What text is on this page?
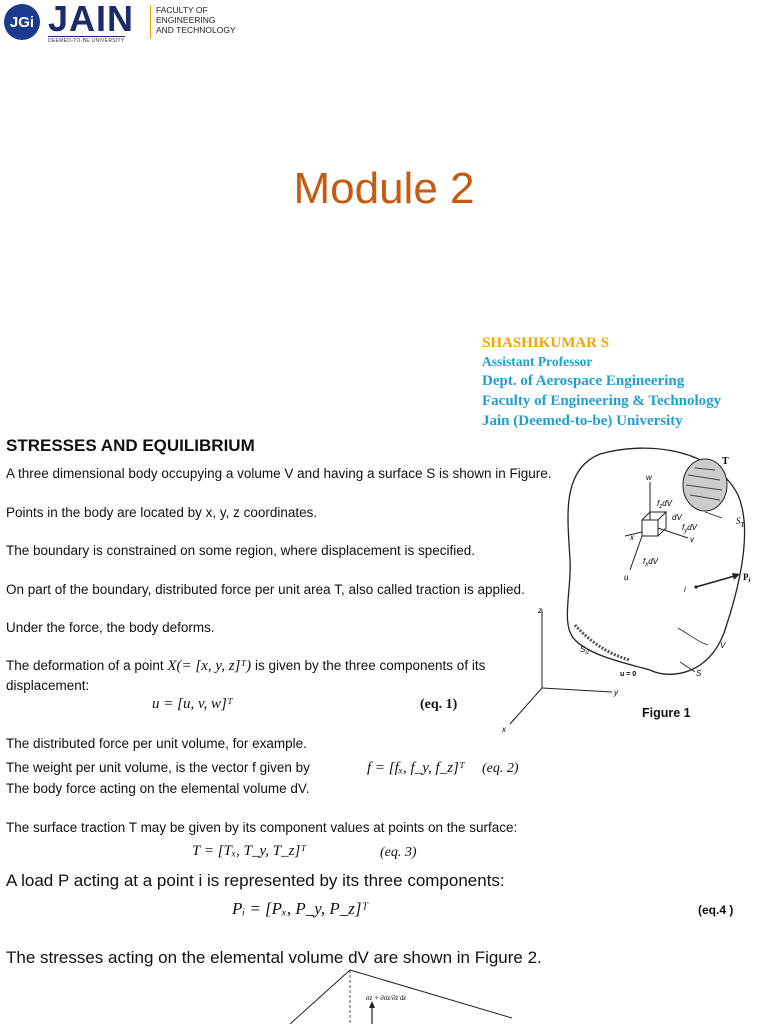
JGi JAIN
DEEMED-TO-BE UNIVERSITY
FACULTY OF
ENGINEERING
AND TECHNOLOGY
Module 2
SHASHIKUMAR S
Assistant Professor
Dept. of Aerospace Engineering
Faculty of Engineering & Technology
Jain (Deemed-to-be) University
STRESSES AND EQUILIBRIUM
A three dimensional body occupying a volume V and having a surface S is shown in Figure.
Points in the body are located by x, y, z coordinates.
The boundary is constrained on some region, where displacement is specified.
On part of the boundary, distributed force per unit area T, also called traction is applied.
Under the force, the body deforms.
The deformation of a point X(= [x, y, z]ᵀ) is given by the three components of its
displacement:
u = [u, v, w]ᵀ	(eq. 1)
The distributed force per unit volume, for example.
The weight per unit volume, is the vector f given by	f = [fₓ, f_y, f_z]ᵀ (eq. 2)
The body force acting on the elemental volume dV.
The surface traction T may be given by its component values at points on the surface:
T = [Tₓ, T_y, T_z]ᵀ	(eq. 3)
A load P acting at a point i is represented by its three components:
Pᵢ = [Pₓ, P_y, P_z]ᵀ	(eq.4 )
The stresses acting on the elemental volume dV are shown in Figure 2.
T
$S_T$
w
v
u
x
$f_zdV$
dV
$f_ydV$
$f_xdV$
i
$P_i$
V
S
$S_u$
u = 0
z
y
x
Figure 1
σz + ∂σz/∂z dz
